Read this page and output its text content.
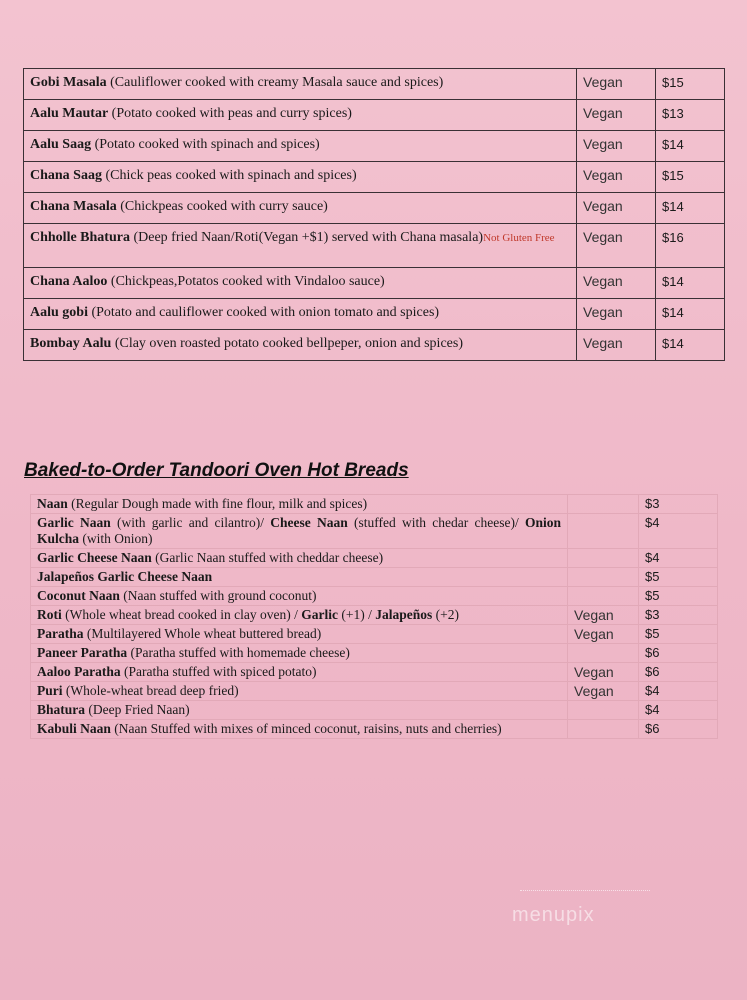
Gobi Masala (Cauliflower cooked with creamy Masala sauce and spices)	Vegan	$15
Aalu Mautar (Potato cooked with peas and curry spices)	Vegan	$13
Aalu Saag (Potato cooked with spinach and spices)	Vegan	$14
Chana Saag (Chick peas cooked with spinach and spices)	Vegan	$15
Chana Masala (Chickpeas cooked with curry sauce)	Vegan	$14
Chholle Bhatura (Deep fried Naan/Roti(Vegan +$1) served with Chana masala)Not Gluten Free	Vegan	$16
Chana Aaloo (Chickpeas,Potatos cooked with Vindaloo sauce)	Vegan	$14
Aalu gobi (Potato and cauliflower cooked with onion tomato and spices)	Vegan	$14
Bombay Aalu (Clay oven roasted potato cooked bellpeper, onion and spices)	Vegan	$14
Baked-to-Order Tandoori Oven Hot Breads
Naan (Regular Dough made with fine flour, milk and spices)		$3
Garlic Naan (with garlic and cilantro)/ Cheese Naan (stuffed with chedar cheese)/ Onion Kulcha (with Onion)		$4
Garlic Cheese Naan (Garlic Naan stuffed with cheddar cheese)		$4
Jalapeños Garlic Cheese Naan		$5
Coconut Naan (Naan stuffed with ground coconut)		$5
Roti (Whole wheat bread cooked in clay oven) / Garlic (+1) / Jalapeños (+2)	Vegan	$3
Paratha (Multilayered Whole wheat buttered bread)	Vegan	$5
Paneer Paratha (Paratha stuffed with homemade cheese)		$6
Aaloo Paratha (Paratha stuffed with spiced potato)	Vegan	$6
Puri (Whole-wheat bread deep fried)	Vegan	$4
Bhatura (Deep Fried Naan)		$4
Kabuli Naan (Naan Stuffed with mixes of minced coconut, raisins, nuts and cherries)		$6
menupix
